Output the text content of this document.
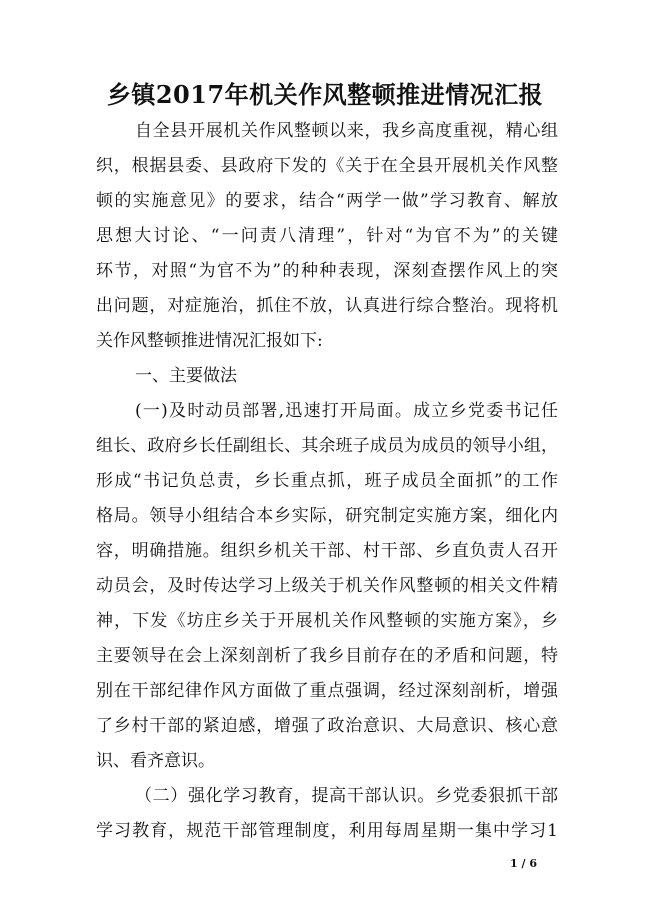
乡镇2017年机关作风整顿推进情况汇报
自全县开展机关作风整顿以来，我乡高度重视，精心组
织，根据县委、县政府下发的《关于在全县开展机关作风整
顿的实施意见》的要求，结合“两学一做”学习教育、解放
思想大讨论、“一问责八清理”，针对“为官不为”的关键
环节，对照“为官不为”的种种表现，深刻查摆作风上的突
出问题，对症施治，抓住不放，认真进行综合整治。现将机
关作风整顿推进情况汇报如下:
一、主要做法
(一)及时动员部署,迅速打开局面。成立乡党委书记任
组长、政府乡长任副组长、其余班子成员为成员的领导小组，
形成“书记负总责，乡长重点抓，班子成员全面抓”的工作
格局。领导小组结合本乡实际，研究制定实施方案，细化内
容，明确措施。组织乡机关干部、村干部、乡直负责人召开
动员会，及时传达学习上级关于机关作风整顿的相关文件精
神，下发《坊庄乡关于开展机关作风整顿的实施方案》，乡
主要领导在会上深刻剖析了我乡目前存在的矛盾和问题，特
别在干部纪律作风方面做了重点强调，经过深刻剖析，增强
了乡村干部的紧迫感，增强了政治意识、大局意识、核心意
识、看齐意识。
（二）强化学习教育，提高干部认识。乡党委狠抓干部
学习教育，规范干部管理制度，利用每周星期一集中学习1
1 / 6
